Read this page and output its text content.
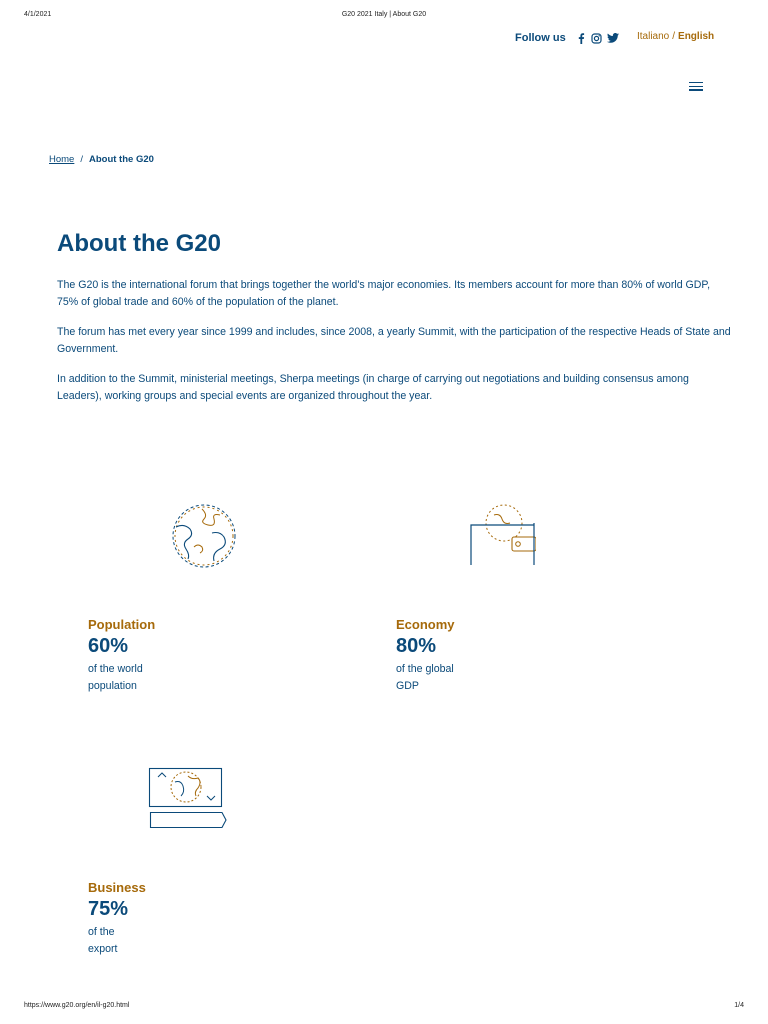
4/1/2021	G20 2021 Italy | About G20
Follow us	Italiano / English
Home / About the G20
About the G20

The G20 is the international forum that brings together the world's major economies. Its members account for more than 80% of world GDP, 75% of global trade and 60% of the population of the planet.

The forum has met every year since 1999 and includes, since 2008, a yearly Summit, with the participation of the respective Heads of State and Government.

In addition to the Summit, ministerial meetings, Sherpa meetings (in charge of carrying out negotiations and building consensus among Leaders), working groups and special events are organized throughout the year.

Population
60%
of the world population
Economy
80%
of the global GDP
Business
75%
of the export
https://www.g20.org/en/il-g20.html	1/4
